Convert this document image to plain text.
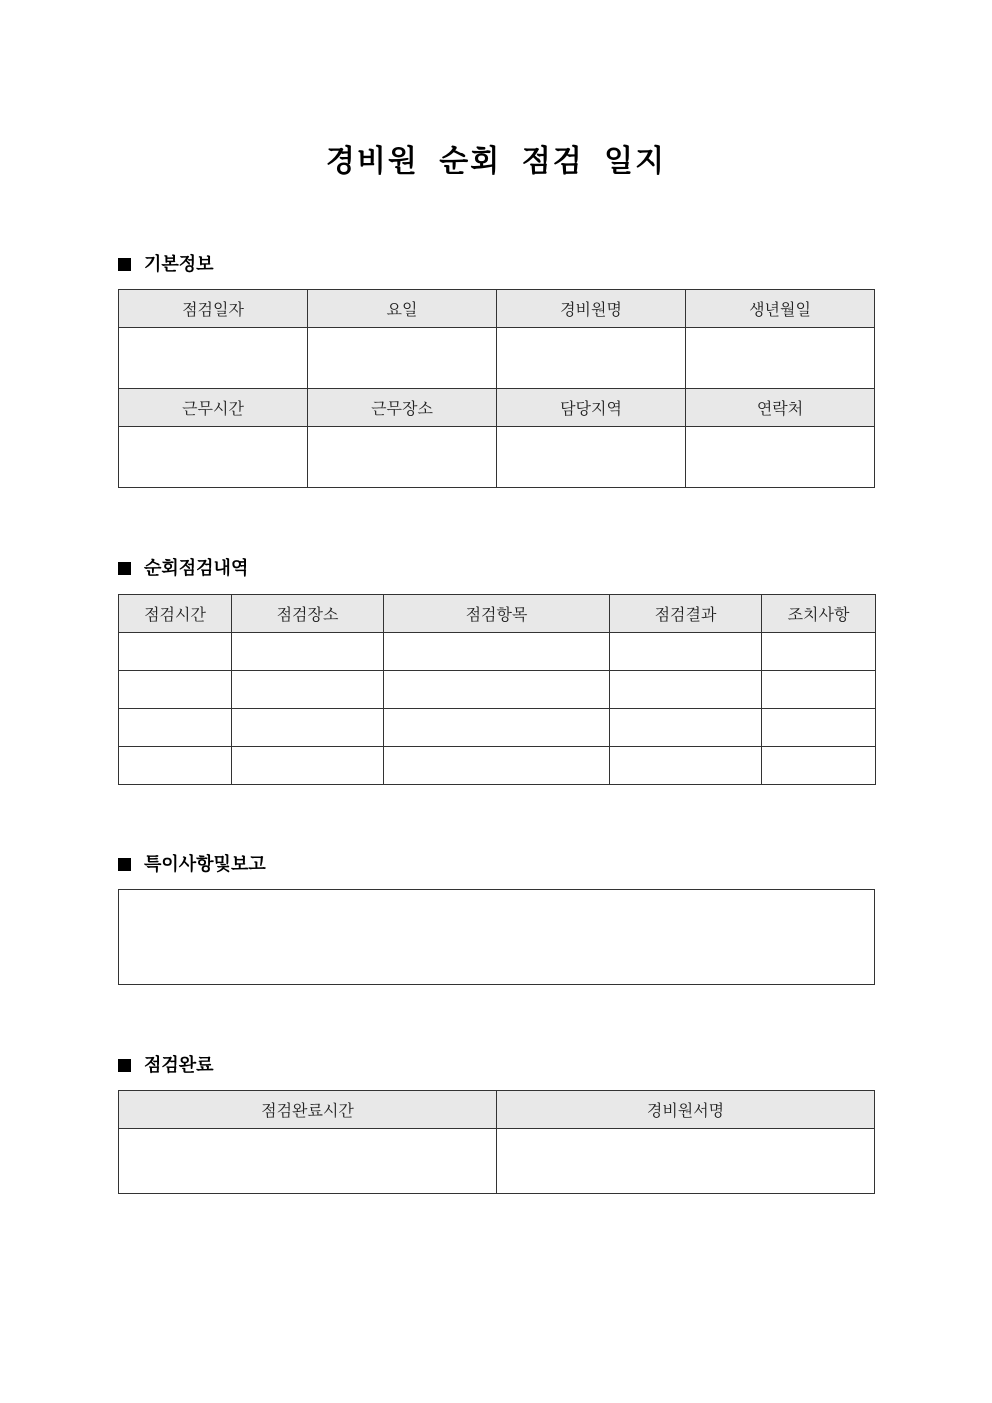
경비원 순회 점검 일지
기본정보
점검일자	요일	경비원명	생년월일

근무시간	근무장소	담당지역	연락처

순회점검내역
점검시간	점검장소	점검항목	점검결과	조치사항

특이사항및보고
점검완료
점검완료시간	경비원서명
